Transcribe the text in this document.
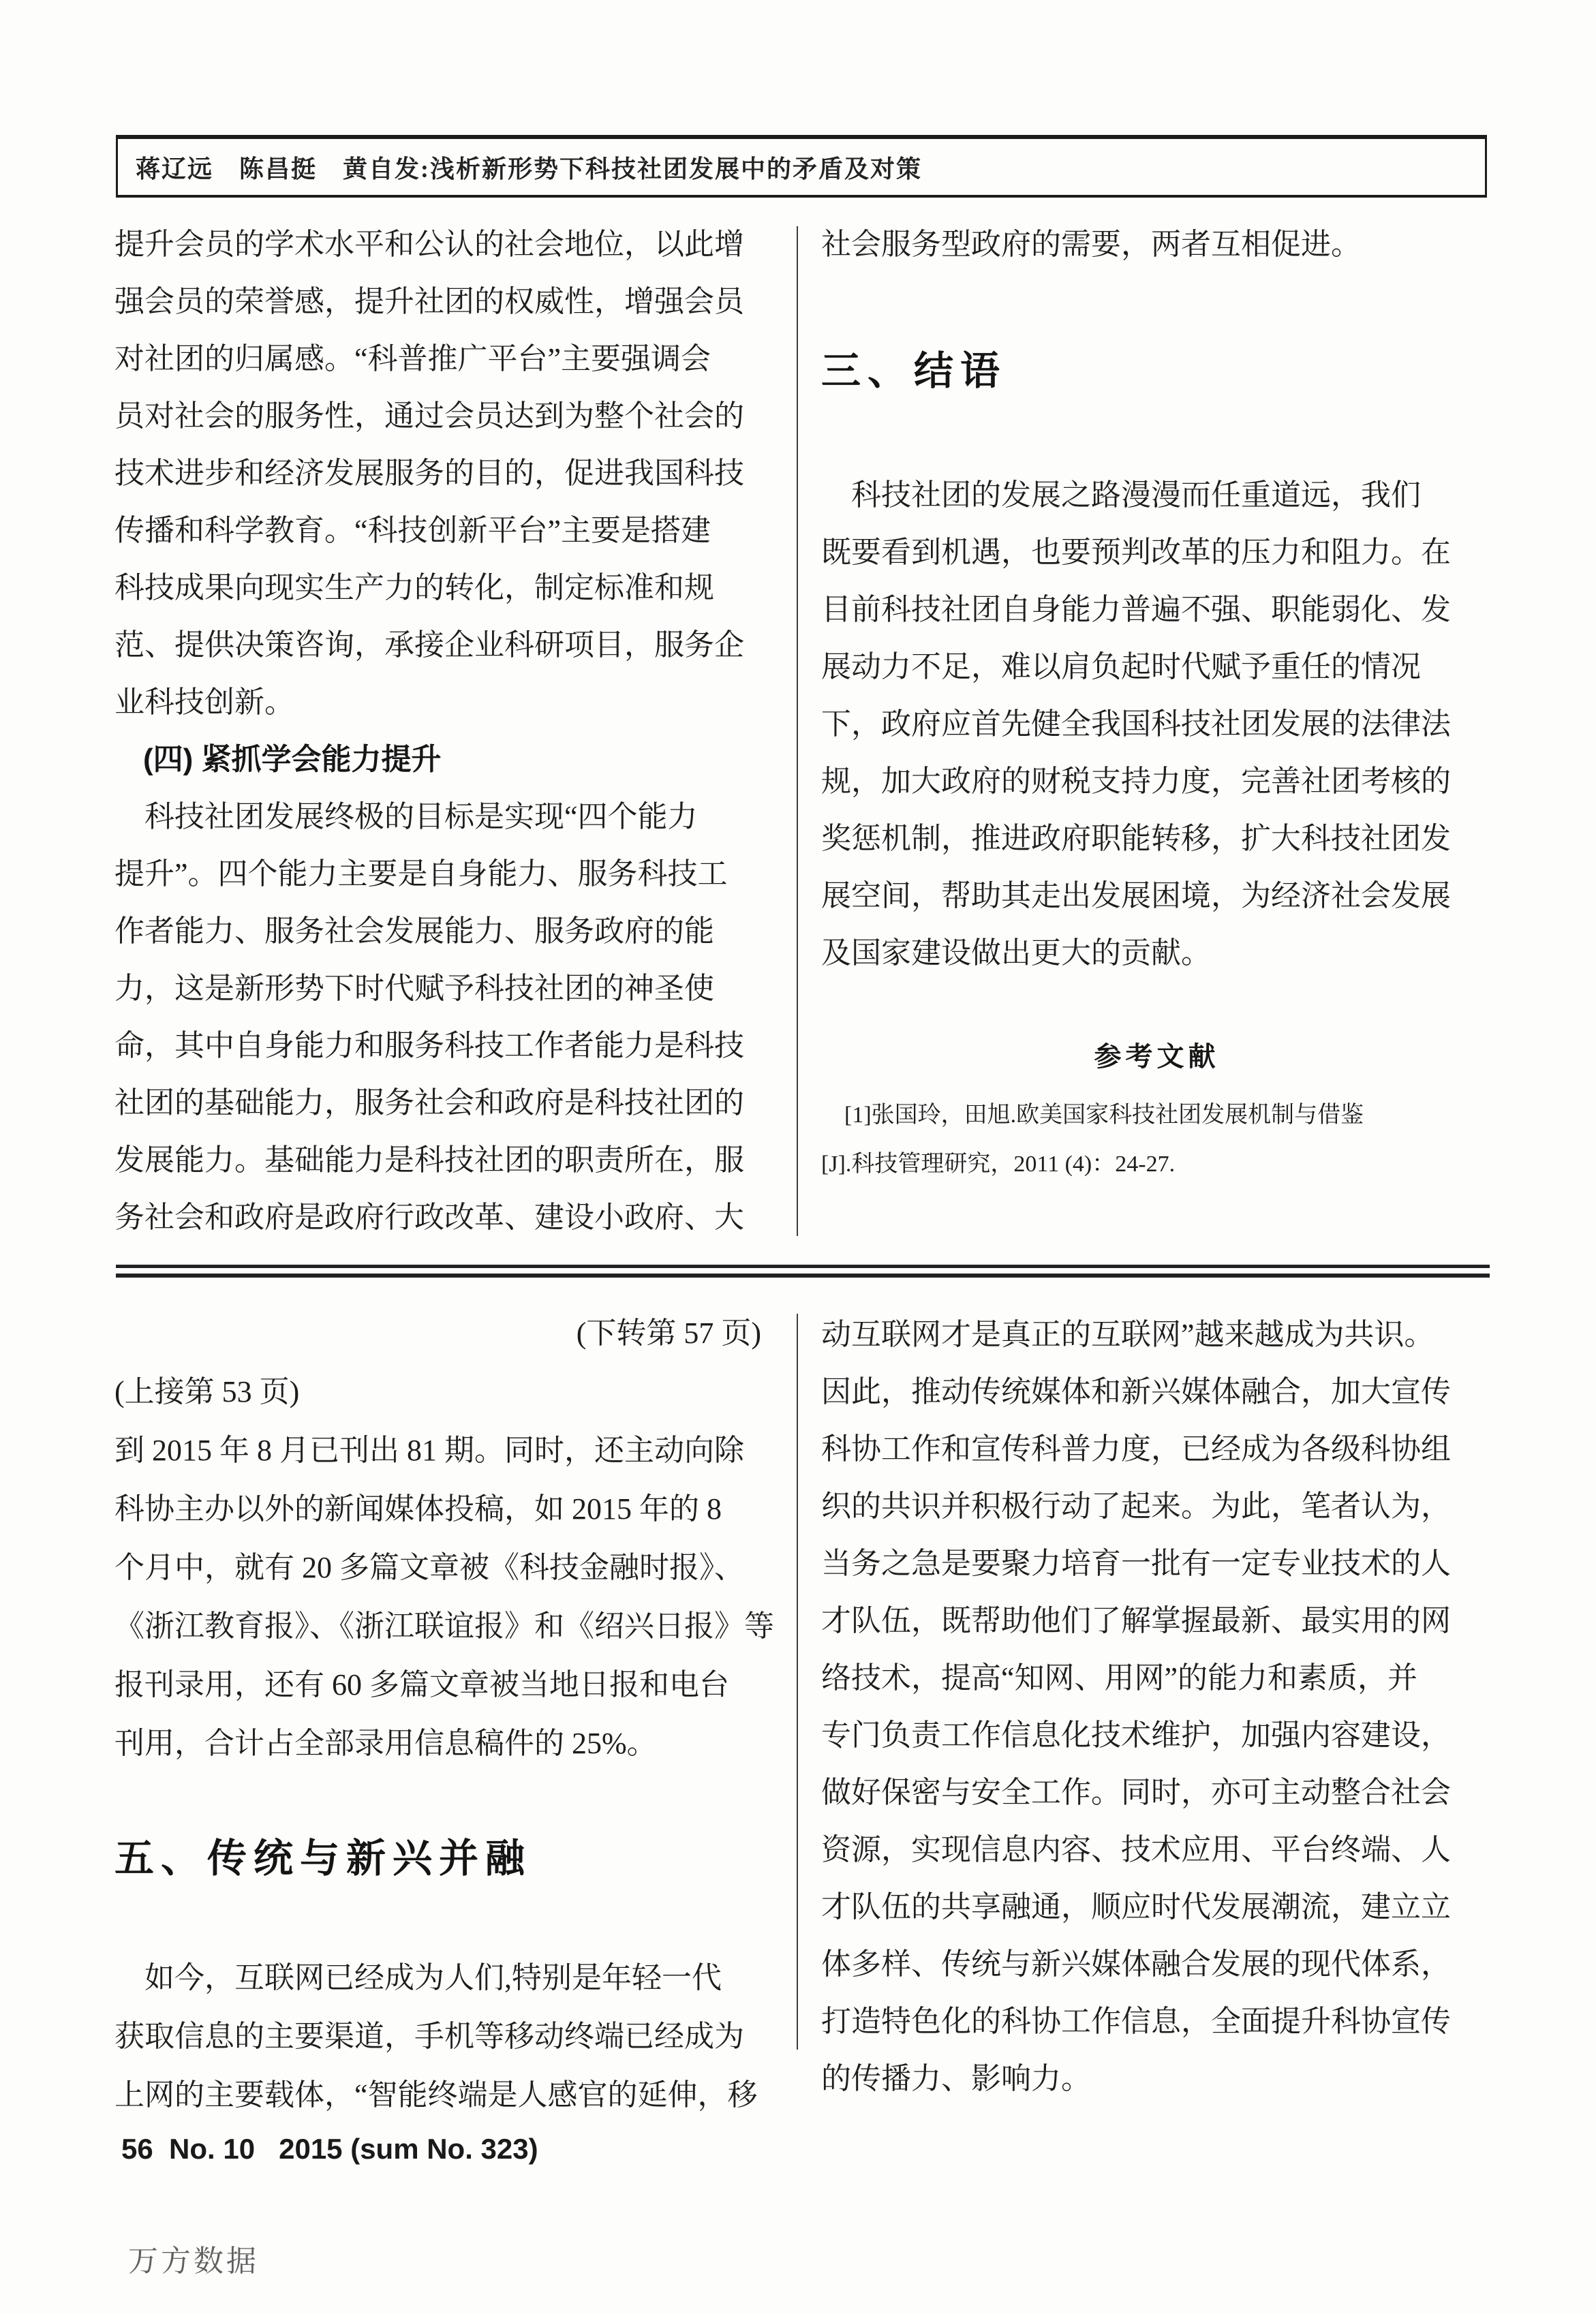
蒋辽远　陈昌挺　黄自发:浅析新形势下科技社团发展中的矛盾及对策
提升会员的学术水平和公认的社会地位，以此增
强会员的荣誉感，提升社团的权威性，增强会员
对社团的归属感。“科普推广平台”主要强调会
员对社会的服务性，通过会员达到为整个社会的
技术进步和经济发展服务的目的，促进我国科技
传播和科学教育。“科技创新平台”主要是搭建
科技成果向现实生产力的转化，制定标准和规
范、提供决策咨询，承接企业科研项目，服务企
业科技创新。
(四) 紧抓学会能力提升
　科技社团发展终极的目标是实现“四个能力
提升”。四个能力主要是自身能力、服务科技工
作者能力、服务社会发展能力、服务政府的能
力，这是新形势下时代赋予科技社团的神圣使
命，其中自身能力和服务科技工作者能力是科技
社团的基础能力，服务社会和政府是科技社团的
发展能力。基础能力是科技社团的职责所在，服
务社会和政府是政府行政改革、建设小政府、大
社会服务型政府的需要，两者互相促进。
三、结语
　科技社团的发展之路漫漫而任重道远，我们
既要看到机遇，也要预判改革的压力和阻力。在
目前科技社团自身能力普遍不强、职能弱化、发
展动力不足，难以肩负起时代赋予重任的情况
下，政府应首先健全我国科技社团发展的法律法
规，加大政府的财税支持力度，完善社团考核的
奖惩机制，推进政府职能转移，扩大科技社团发
展空间，帮助其走出发展困境，为经济社会发展
及国家建设做出更大的贡献。
参考文献
　[1]张国玲，田旭.欧美国家科技社团发展机制与借鉴
[J].科技管理研究，2011 (4)：24-27.
(下转第 57 页)
(上接第 53 页)
到 2015 年 8 月已刊出 81 期。同时，还主动向除
科协主办以外的新闻媒体投稿，如 2015 年的 8
个月中，就有 20 多篇文章被《科技金融时报》、
《浙江教育报》、《浙江联谊报》和《绍兴日报》等
报刊录用，还有 60 多篇文章被当地日报和电台
刊用，合计占全部录用信息稿件的 25%。
五、传统与新兴并融
　如今，互联网已经成为人们,特别是年轻一代
获取信息的主要渠道，手机等移动终端已经成为
上网的主要载体，“智能终端是人感官的延伸，移
动互联网才是真正的互联网”越来越成为共识。
因此，推动传统媒体和新兴媒体融合，加大宣传
科协工作和宣传科普力度，已经成为各级科协组
织的共识并积极行动了起来。为此，笔者认为，
当务之急是要聚力培育一批有一定专业技术的人
才队伍，既帮助他们了解掌握最新、最实用的网
络技术，提高“知网、用网”的能力和素质，并
专门负责工作信息化技术维护，加强内容建设，
做好保密与安全工作。同时，亦可主动整合社会
资源，实现信息内容、技术应用、平台终端、人
才队伍的共享融通，顺应时代发展潮流，建立立
体多样、传统与新兴媒体融合发展的现代体系，
打造特色化的科协工作信息，全面提升科协宣传
的传播力、影响力。
56  No. 10   2015 (sum No. 323)
万方数据
